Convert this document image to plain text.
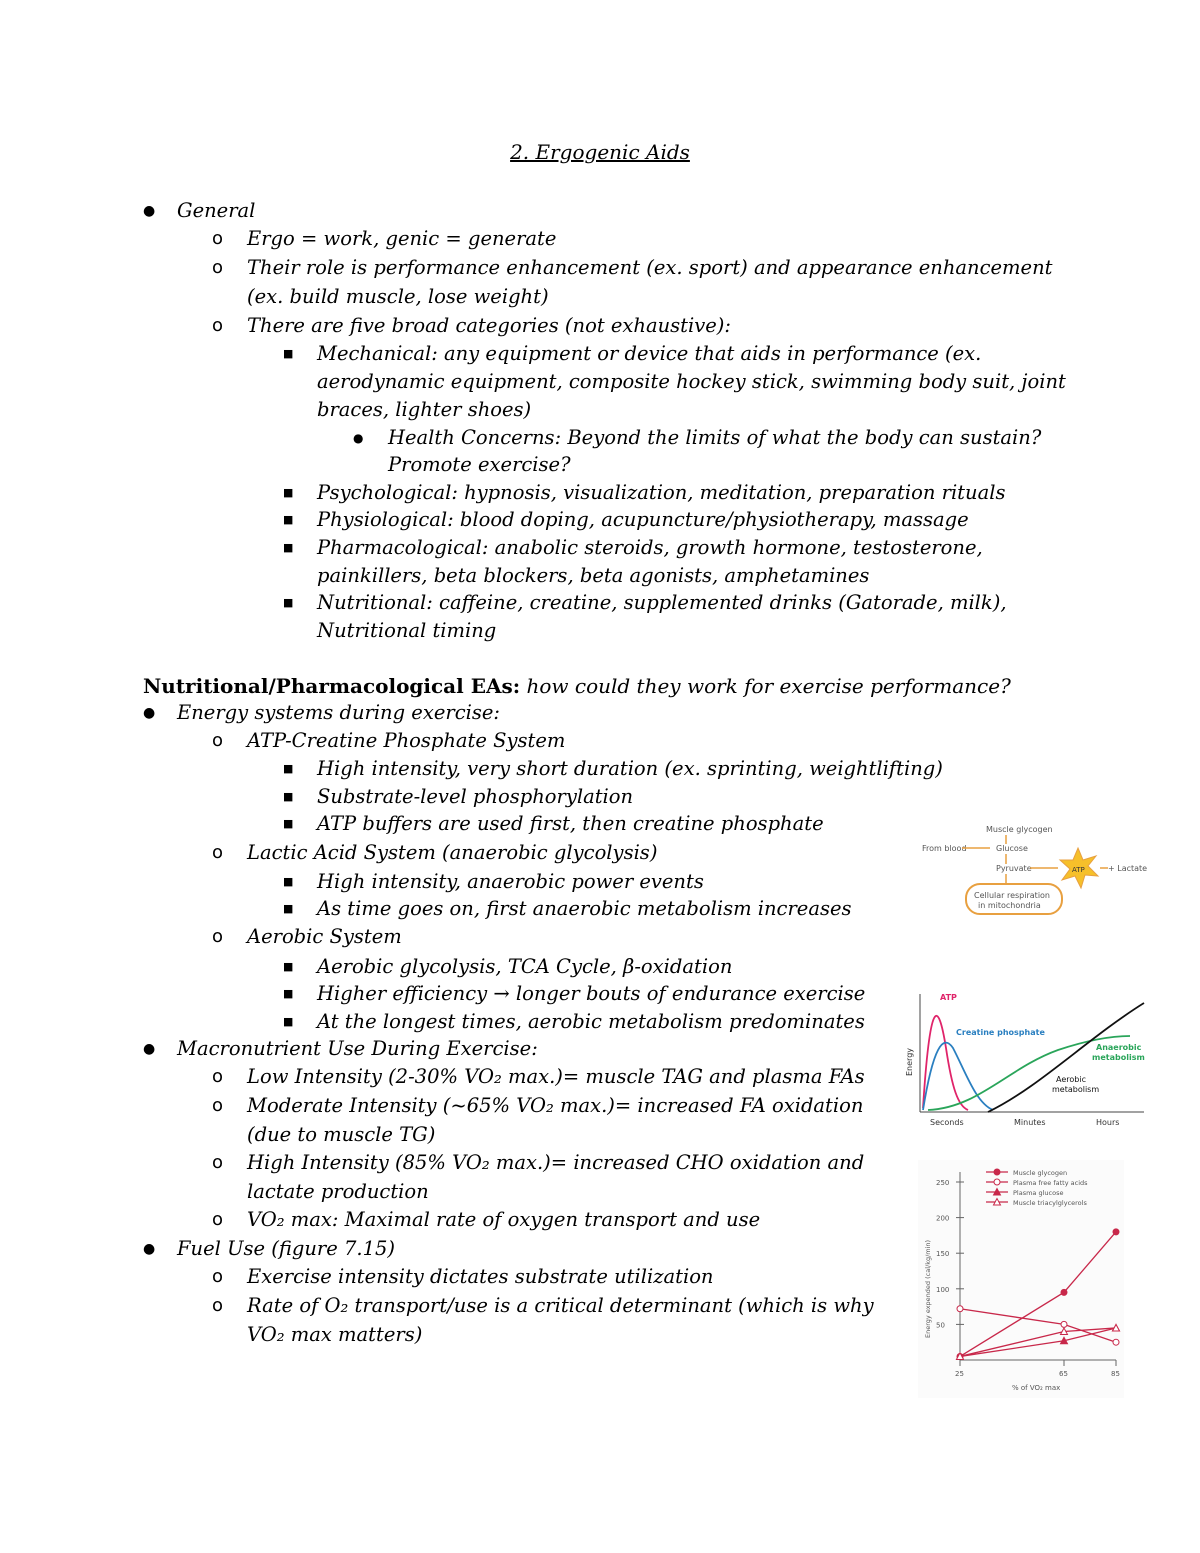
2. Ergogenic Aids
● General
o Ergo = work, genic = generate
o Their role is performance enhancement (ex. sport) and appearance enhancement
(ex. build muscle, lose weight)
o There are five broad categories (not exhaustive):
■ Mechanical: any equipment or device that aids in performance (ex.
aerodynamic equipment, composite hockey stick, swimming body suit, joint
braces, lighter shoes)
● Health Concerns: Beyond the limits of what the body can sustain?
Promote exercise?
■ Psychological: hypnosis, visualization, meditation, preparation rituals
■ Physiological: blood doping, acupuncture/physiotherapy, massage
■ Pharmacological: anabolic steroids, growth hormone, testosterone,
painkillers, beta blockers, beta agonists, amphetamines
■ Nutritional: caffeine, creatine, supplemented drinks (Gatorade, milk),
Nutritional timing
Nutritional/Pharmacological EAs: how could they work for exercise performance?
● Energy systems during exercise:
o ATP-Creatine Phosphate System
■ High intensity, very short duration (ex. sprinting, weightlifting)
■ Substrate-level phosphorylation
■ ATP buffers are used first, then creatine phosphate
o Lactic Acid System (anaerobic glycolysis)
■ High intensity, anaerobic power events
■ As time goes on, first anaerobic metabolism increases
o Aerobic System
■ Aerobic glycolysis, TCA Cycle, β-oxidation
■ Higher efficiency → longer bouts of endurance exercise
■ At the longest times, aerobic metabolism predominates
● Macronutrient Use During Exercise:
o Low Intensity (2-30% VO₂ max.)= muscle TAG and plasma FAs
o Moderate Intensity (~65% VO₂ max.)= increased FA oxidation
(due to muscle TG)
o High Intensity (85% VO₂ max.)= increased CHO oxidation and
lactate production
o VO₂ max: Maximal rate of oxygen transport and use
● Fuel Use (figure 7.15)
o Exercise intensity dictates substrate utilization
o Rate of O₂ transport/use is a critical determinant (which is why
VO₂ max matters)
Muscle glycogen
From blood	Glucose
Pyruvate	ATP	+ Lactate
Cellular respiration
in mitochondria
Energy
ATP
Creatine phosphate
Anaerobic
metabolism
Aerobic
metabolism
Seconds	Minutes	Hours
250
200
150
100
50
25	65	85
% of VO₂ max
Energy expended (cal/kg/min)
Muscle glycogen
Plasma free fatty acids
Plasma glucose
Muscle triacylglycerols
